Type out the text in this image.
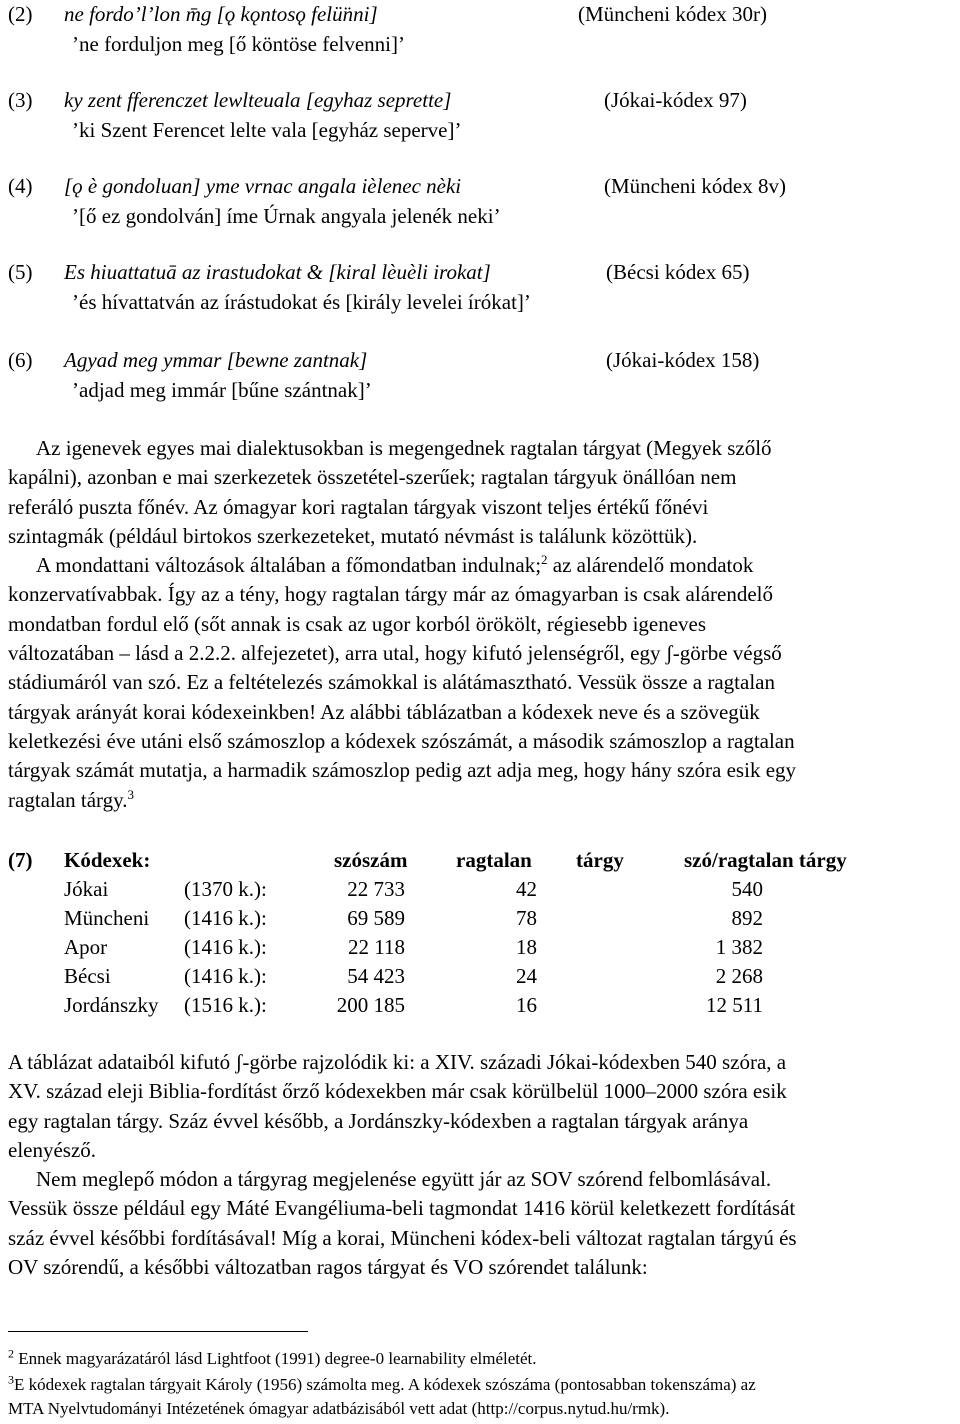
(2) ne fordo’l’lon m̄g [ǫ kǫntosǫ felü̈nni]	(Müncheni kódex 30r)
’ne forduljon meg [ő köntöse felvenni]’
(3) ky zent fferenczet lewlteuala [egyhaz seprette]	(Jókai-kódex 97)
’ki Szent Ferencet lelte vala [egyház seperve]’
(4) [ǫ è gondoluan] yme vrnac angala ièlenec nèki	(Müncheni kódex 8v)
’[ő ez gondolván] íme Úrnak angyala jelenék neki’
(5) Es hiuattatuā az irastudokat & [kiral lèuèli irokat]	(Bécsi kódex 65)
’és hívattatván az írástudokat és [király levelei írókat]’
(6) Agyad meg ymmar [bewne zantnak]	(Jókai-kódex 158)
’adjad meg immár [bűne szántnak]’
Az igenevek egyes mai dialektusokban is megengednek ragtalan tárgyat (Megyek szőlő
kapálni), azonban e mai szerkezetek összetétel-szerűek; ragtalan tárgyuk önállóan nem
referáló puszta főnév. Az ómagyar kori ragtalan tárgyak viszont teljes értékű főnévi
szintagmák (például birtokos szerkezeteket, mutató névmást is találunk közöttük).
A mondattani változások általában a főmondatban indulnak;$^2$ az alárendelő mondatok
konzervatívabbak. Így az a tény, hogy ragtalan tárgy már az ómagyarban is csak alárendelő
mondatban fordul elő (sőt annak is csak az ugor korból örökölt, régiesebb igeneves
változatában – lásd a 2.2.2. alfejezetet), arra utal, hogy kifutó jelenségről, egy ʃ-görbe végső
stádiumáról van szó. Ez a feltételezés számokkal is alátámasztható. Vessük össze a ragtalan
tárgyak arányát korai kódexeinkben! Az alábbi táblázatban a kódexek neve és a szövegük
keletkezési éve utáni első számoszlop a kódexek szószámát, a második számoszlop a ragtalan
tárgyak számát mutatja, a harmadik számoszlop pedig azt adja meg, hogy hány szóra esik egy
ragtalan tárgy.$^3$
(7) Kódexek:	szószám ragtalan tárgy	szó/ragtalan tárgy
Jókai	(1370 k.):	22 733	42	540
Müncheni (1416 k.):	69 589	78	892
Apor	(1416 k.):	22 118	18	1 382
Bécsi	(1416 k.):	54 423	24	2 268
Jordánszky (1516 k.):	200 185	16	12 511
A táblázat adataiból kifutó ʃ-görbe rajzolódik ki: a XIV. századi Jókai-kódexben 540 szóra, a
XV. század eleji Biblia-fordítást őrző kódexekben már csak körülbelül 1000–2000 szóra esik
egy ragtalan tárgy. Száz évvel később, a Jordánszky-kódexben a ragtalan tárgyak aránya
elenyésző.
Nem meglepő módon a tárgyrag megjelenése együtt jár az SOV szórend felbomlásával.
Vessük össze például egy Máté Evangéliuma-beli tagmondat 1416 körül keletkezett fordítását
száz évvel későbbi fordításával! Míg a korai, Müncheni kódex-beli változat ragtalan tárgyú és
OV szórendű, a későbbi változatban ragos tárgyat és VO szórendet találunk:
$^2$ Ennek magyarázatáról lásd Lightfoot (1991) degree-0 learnability elméletét.
$^3$E kódexek ragtalan tárgyait Károly (1956) számolta meg. A kódexek szószáma (pontosabban tokenszáma) az
MTA Nyelvtudományi Intézetének ómagyar adatbázisából vett adat (http://corpus.nytud.hu/rmk).
